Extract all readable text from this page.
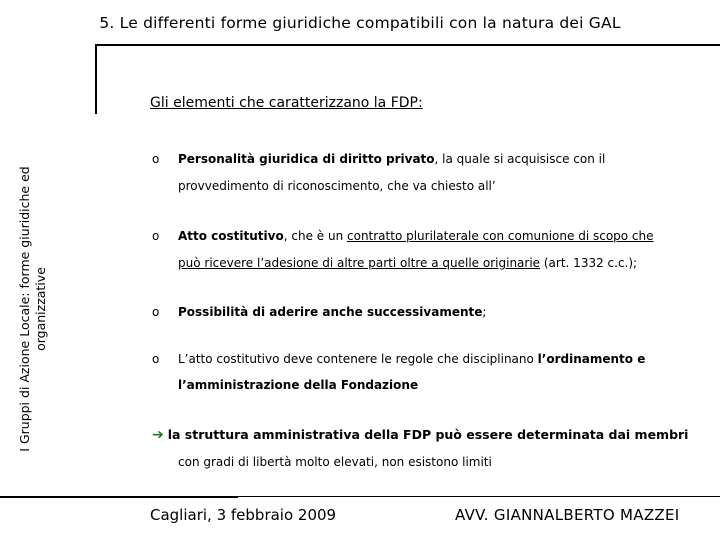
5. Le differenti forme giuridiche compatibili con la natura dei GAL
I Gruppi di Azione Locale: forme giuridiche ed organizzative
Gli elementi che caratterizzano la FDP:
o Personalità giuridica di diritto privato, la quale si acquisisce con il
provvedimento di riconoscimento, che va chiesto all’
o Atto costitutivo, che è un contratto plurilaterale con comunione di scopo che
può ricevere l’adesione di altre parti oltre a quelle originarie (art. 1332 c.c.);
o Possibilità di aderire anche successivamente;
o L’atto costitutivo deve contenere le regole che disciplinano l’ordinamento e
l’amministrazione della Fondazione
➔ la struttura amministrativa della FDP può essere determinata dai membri
con gradi di libertà molto elevati, non esistono limiti
Cagliari, 3 febbraio 2009	AVV. GIANNALBERTO MAZZEI
